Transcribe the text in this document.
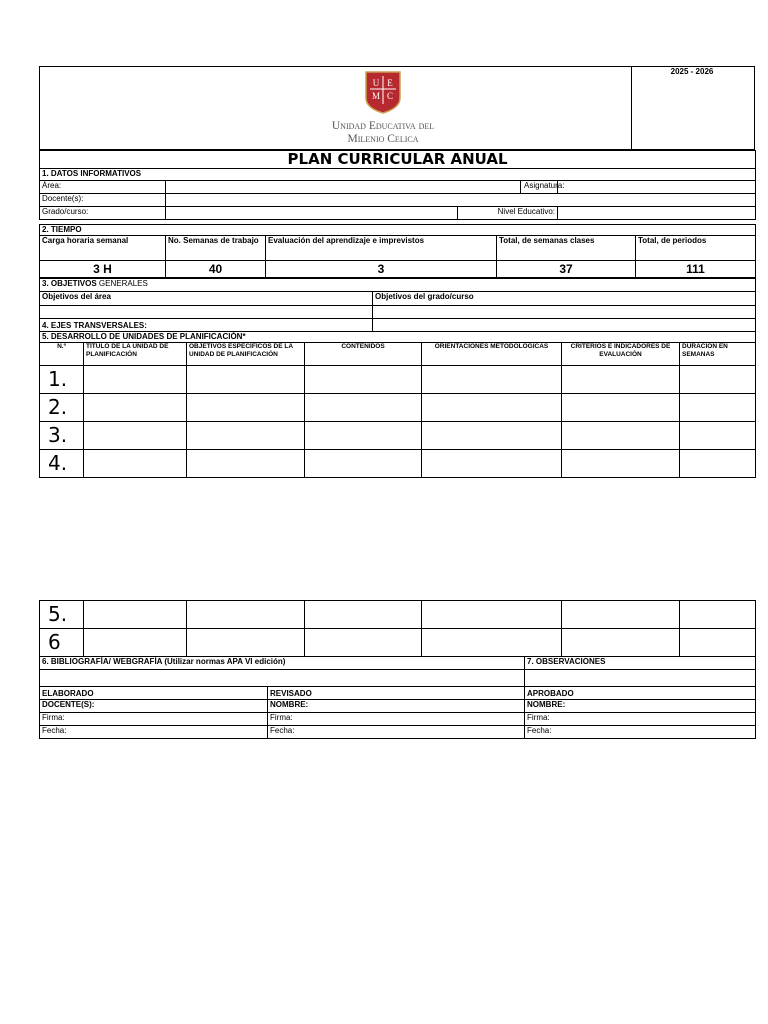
2025 - 2026
U E
M C
Unidad Educativa del
Milenio Celica
PLAN CURRICULAR ANUAL				
1. DATOS INFORMATIVOS				
Área:			Asignatura:	
Docente(s):				
Grado/curso:		Nivel Educativo:		
2. TIEMPO				
Carga horaria semanal	No. Semanas de trabajo	Evaluación del aprendizaje e imprevistos	Total, de semanas clases	Total, de periodos
3 H	40	3	37	111
3. OBJETIVOS GENERALES	
Objetivos del área	Objetivos del grado/curso

4. EJES TRANSVERSALES:	
5. DESARROLLO DE UNIDADES DE PLANIFICACIÓN*						
N.º	TÍTULO DE LA UNIDAD DE PLANIFICACIÓN	OBJETIVOS ESPECÍFICOS DE LA UNIDAD DE PLANIFICACIÓN	CONTENIDOS	ORIENTACIONES METODOLÓGICAS	CRITERIOS E INDICADORES DE EVALUACIÓN	DURACIÓN EN SEMANAS
1.						
2.						
3.						
4.						
5.						
6						
6. BIBLIOGRAFÍA/ WEBGRAFÍA (Utilizar normas APA VI edición)		7. OBSERVACIONES

ELABORADO	REVISADO	APROBADO
DOCENTE(S):	NOMBRE:	NOMBRE:
Firma:	Firma:	Firma:
Fecha:	Fecha:	Fecha:
